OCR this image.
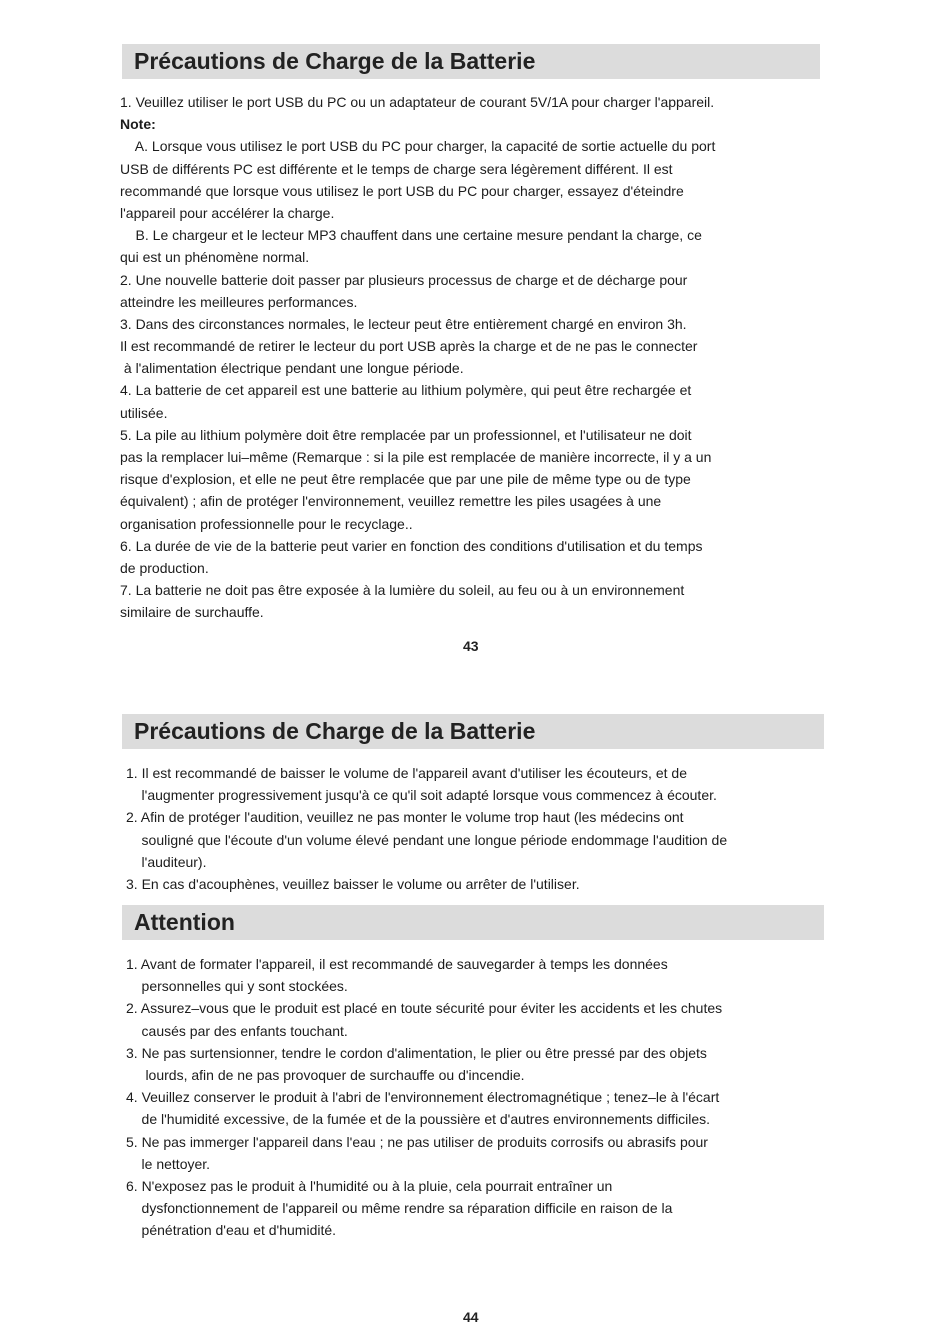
Précautions de Charge de la Batterie
1. Veuillez utiliser le port USB du PC ou un adaptateur de courant 5V/1A pour charger l'appareil.
Note:
A. Lorsque vous utilisez le port USB du PC pour charger, la capacité de sortie actuelle du port
USB de différents PC est différente et le temps de charge sera légèrement différent. Il est
recommandé que lorsque vous utilisez le port USB du PC pour charger, essayez d'éteindre
l'appareil pour accélérer la charge.
B. Le chargeur et le lecteur MP3 chauffent dans une certaine mesure pendant la charge, ce
qui est un phénomène normal.
2. Une nouvelle batterie doit passer par plusieurs processus de charge et de décharge pour
atteindre les meilleures performances.
3. Dans des circonstances normales, le lecteur peut être entièrement chargé en environ 3h.
Il est recommandé de retirer le lecteur du port USB après la charge et de ne pas le connecter
à l'alimentation électrique pendant une longue période.
4. La batterie de cet appareil est une batterie au lithium polymère, qui peut être rechargée et
utilisée.
5. La pile au lithium polymère doit être remplacée par un professionnel, et l'utilisateur ne doit
pas la remplacer lui–même (Remarque : si la pile est remplacée de manière incorrecte, il y a un
risque d'explosion, et elle ne peut être remplacée que par une pile de même type ou de type
équivalent) ; afin de protéger l'environnement, veuillez remettre les piles usagées à une
organisation professionnelle pour le recyclage..
6. La durée de vie de la batterie peut varier en fonction des conditions d'utilisation et du temps
de production.
7. La batterie ne doit pas être exposée à la lumière du soleil, au feu ou à un environnement
similaire de surchauffe.
43
Précautions de Charge de la Batterie
1. Il est recommandé de baisser le volume de l'appareil avant d'utiliser les écouteurs, et de
l'augmenter progressivement jusqu'à ce qu'il soit adapté lorsque vous commencez à écouter.
2. Afin de protéger l'audition, veuillez ne pas monter le volume trop haut (les médecins ont
souligné que l'écoute d'un volume élevé pendant une longue période endommage l'audition de
l'auditeur).
3. En cas d'acouphènes, veuillez baisser le volume ou arrêter de l'utiliser.
Attention
1. Avant de formater l'appareil, il est recommandé de sauvegarder à temps les données
personnelles qui y sont stockées.
2. Assurez–vous que le produit est placé en toute sécurité pour éviter les accidents et les chutes
causés par des enfants touchant.
3. Ne pas surtensionner, tendre le cordon d'alimentation, le plier ou être pressé par des objets
lourds, afin de ne pas provoquer de surchauffe ou d'incendie.
4. Veuillez conserver le produit à l'abri de l'environnement électromagnétique ; tenez–le à l'écart
de l'humidité excessive, de la fumée et de la poussière et d'autres environnements difficiles.
5. Ne pas immerger l'appareil dans l'eau ; ne pas utiliser de produits corrosifs ou abrasifs pour
le nettoyer.
6. N'exposez pas le produit à l'humidité ou à la pluie, cela pourrait entraîner un
dysfonctionnement de l'appareil ou même rendre sa réparation difficile en raison de la
pénétration d'eau et d'humidité.
44
